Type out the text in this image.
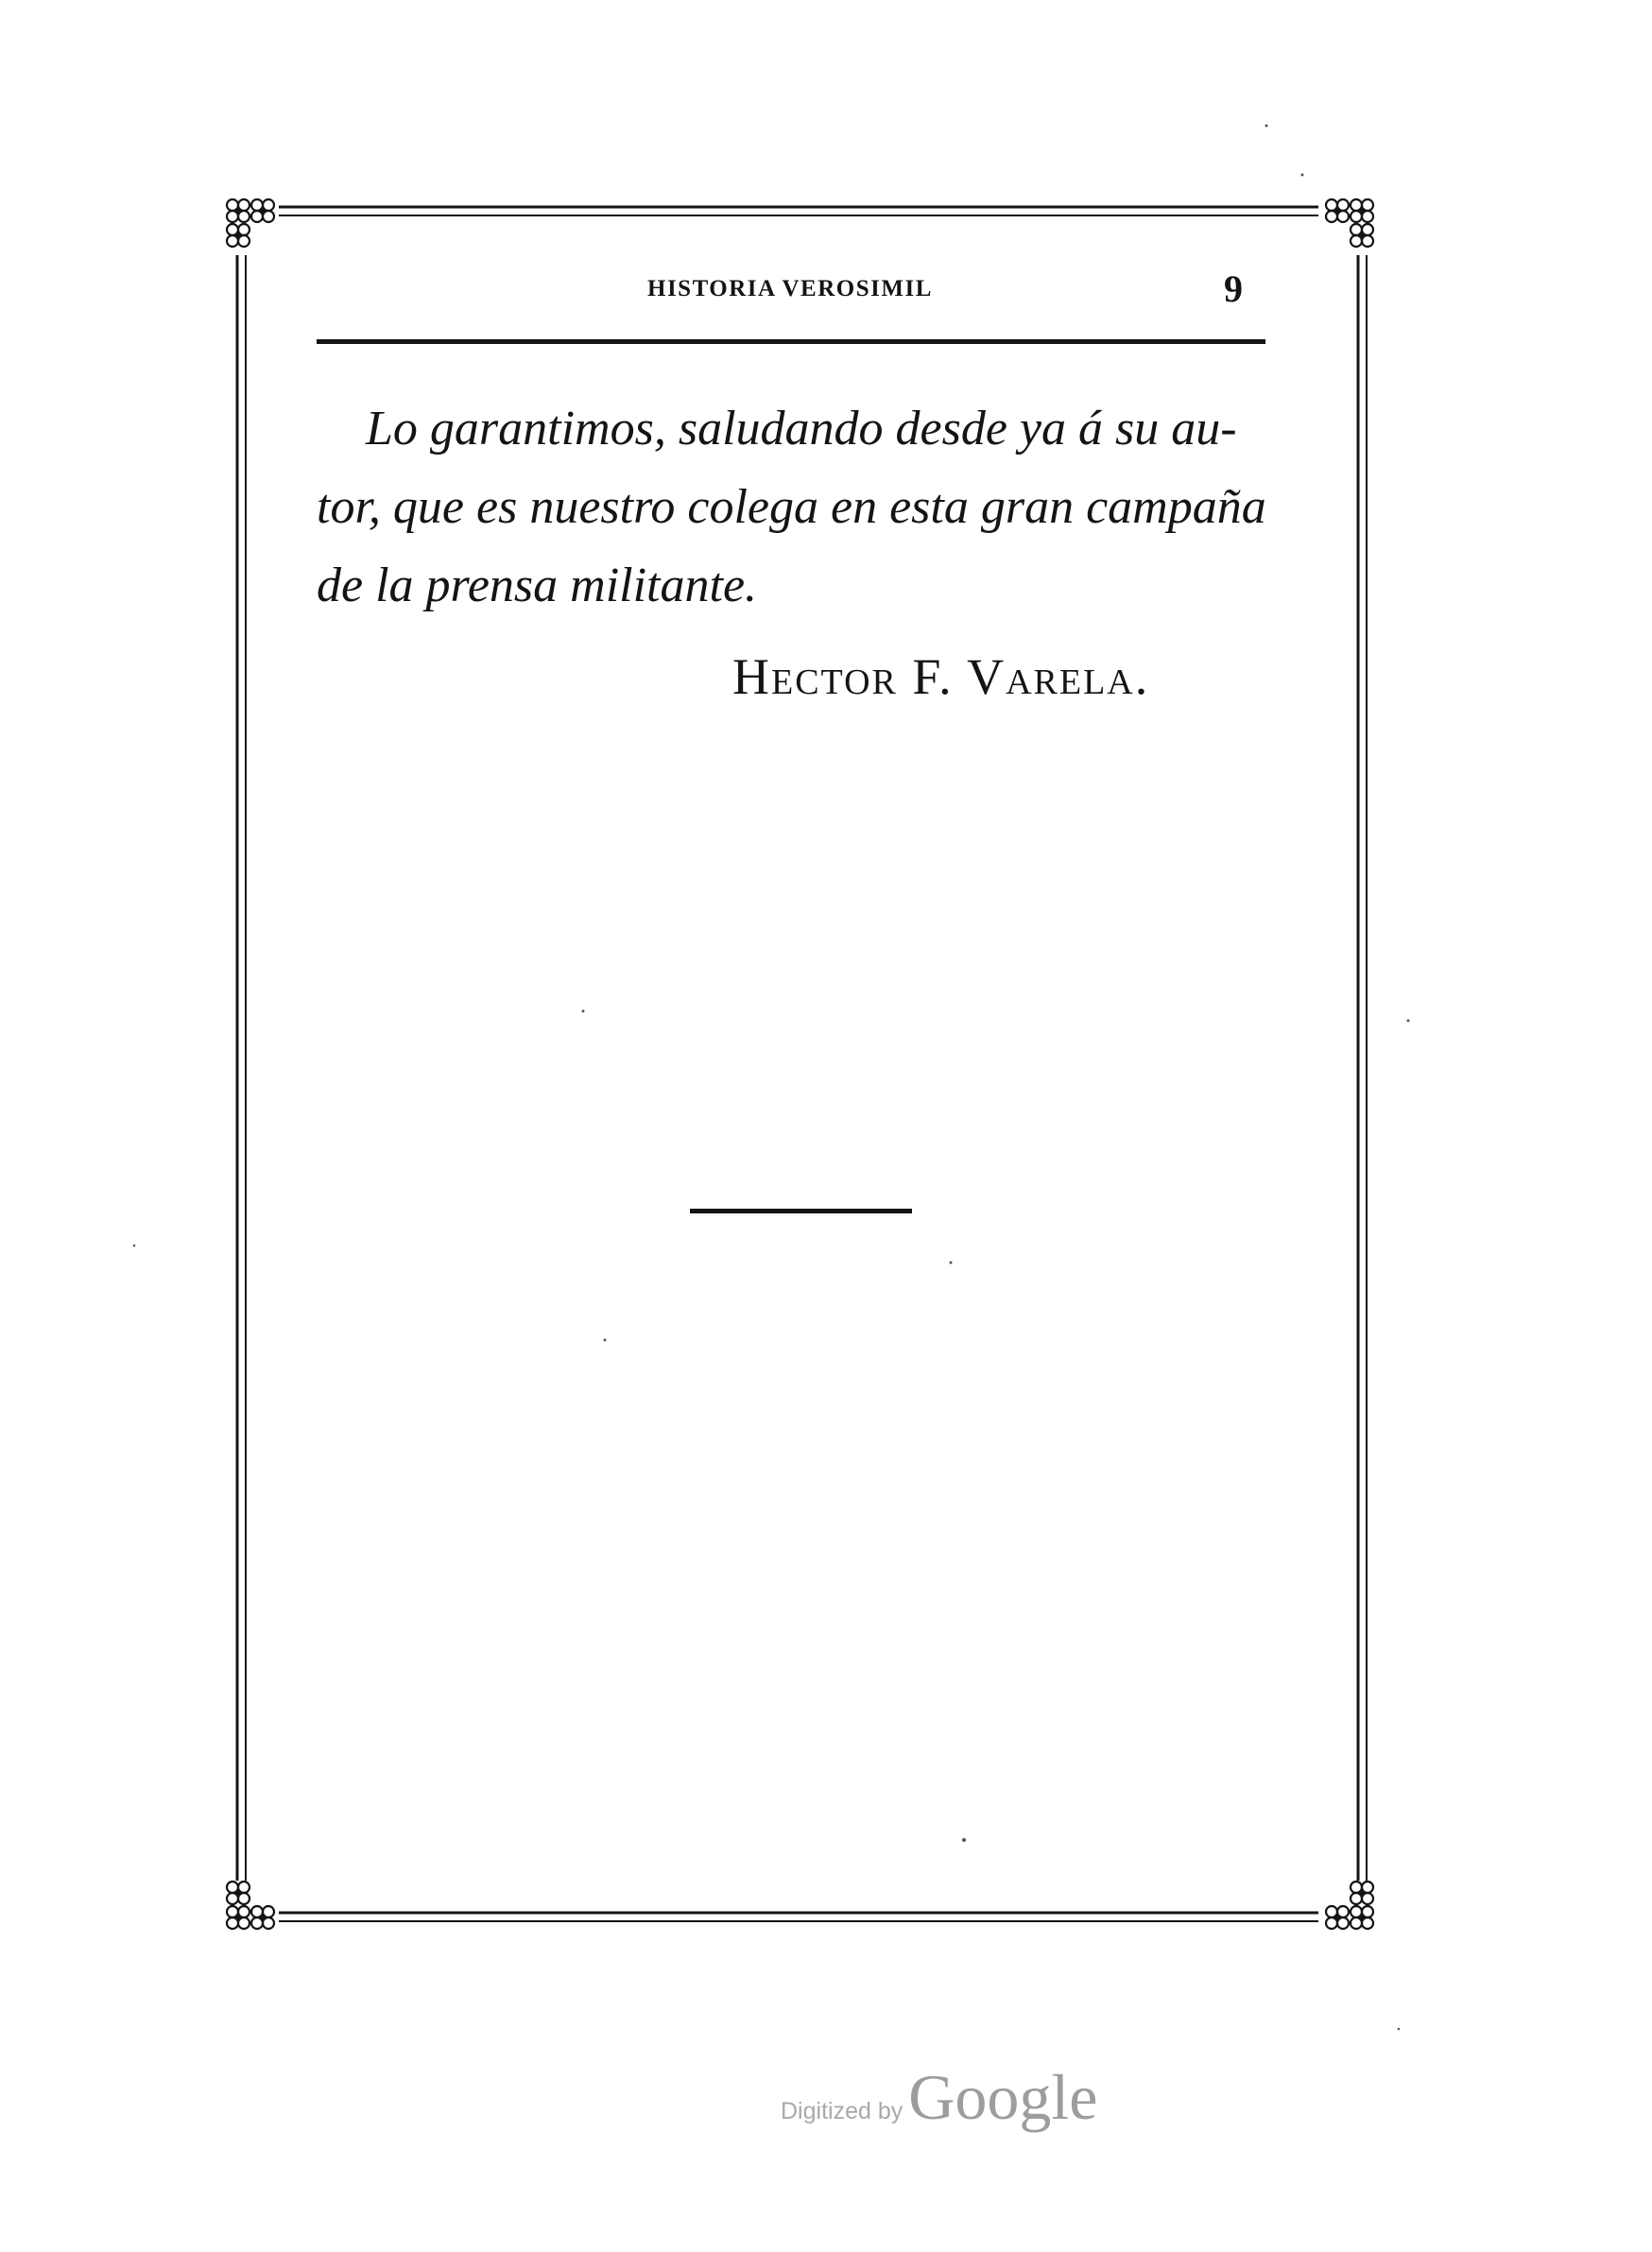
HISTORIA VEROSIMIL	9

Lo garantimos, saludando desde ya á su au-
tor, que es nuestro colega en esta gran campaña
de la prensa militante.

Hector F. Varela.

Digitized byGoogle
